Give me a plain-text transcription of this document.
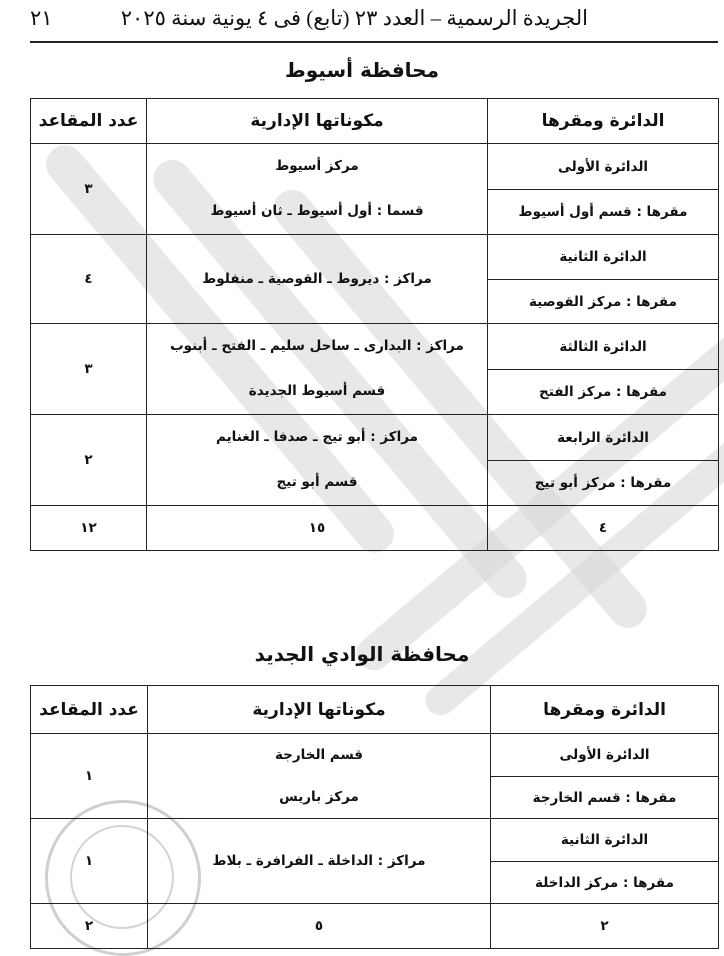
الجريدة الرسمية – العدد ٢٣ (تابع) فى ٤ يونية سنة ٢٠٢٥
٢١
محافظة أسيوط
الدائرة ومقرها	مكوناتها الإدارية	عدد المقاعد
الدائرة الأولى	مركز أسيوط
قسما : أول أسيوط ـ ثان أسيوط	٣
مقرها : قسم أول أسيوط		
الدائرة الثانية	مراكز : ديروط ـ القوصية ـ منفلوط	٤
مقرها : مركز القوصية		
الدائرة الثالثة	مراكز : البدارى ـ ساحل سليم ـ الفتح ـ أبنوب
قسم أسيوط الجديدة	٣
مقرها : مركز الفتح		
الدائرة الرابعة	مراكز : أبو تيج ـ صدفا ـ الغنايم
قسم أبو تيج	٢
مقرها : مركز أبو تيج		
٤	١٥	١٢
محافظة الوادي الجديد
الدائرة ومقرها	مكوناتها الإدارية	عدد المقاعد
الدائرة الأولى	قسم الخارجة
مركز باريس	١
مقرها : قسم الخارجة		
الدائرة الثانية	مراكز : الداخلة ـ الفرافرة ـ بلاط	١
مقرها : مركز الداخلة		
٢	٥	٢
